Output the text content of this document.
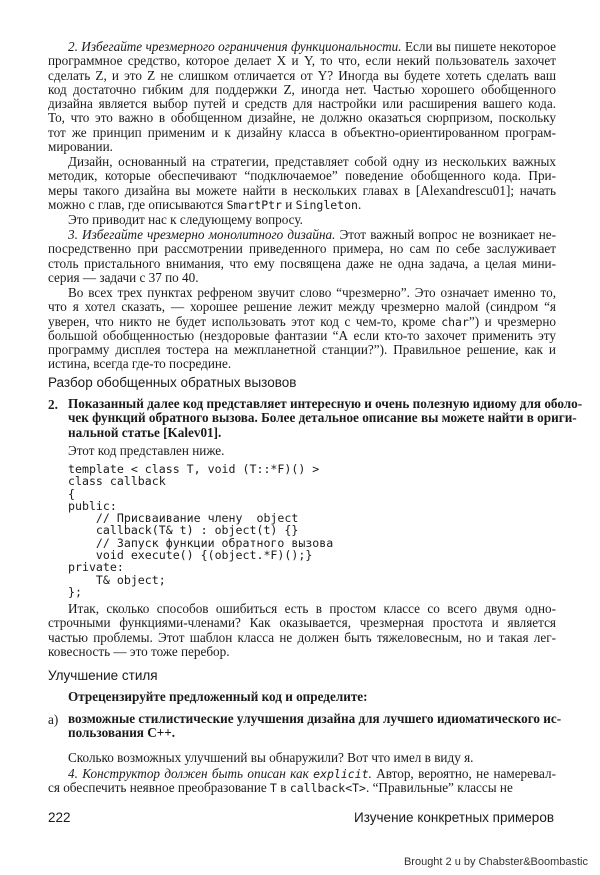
2. Избегайте чрезмерного ограничения функциональности. Если вы пишете некоторое
программное средство, которое делает X и Y, то что, если некий пользователь захочет
сделать Z, и это Z не слишком отличается от Y? Иногда вы будете хотеть сделать ваш
код достаточно гибким для поддержки Z, иногда нет. Частью хорошего обобщенного
дизайна является выбор путей и средств для настройки или расширения вашего кода.
То, что это важно в обобщенном дизайне, не должно оказаться сюрпризом, поскольку
тот же принцип применим и к дизайну класса в объектно-ориентированном програм-
мировании.
Дизайн, основанный на стратегии, представляет собой одну из нескольких важных
методик, которые обеспечивают “подключаемое” поведение обобщенного кода. При-
меры такого дизайна вы можете найти в нескольких главах в [Alexandrescu01]; начать
можно с глав, где описываются SmartPtr и Singleton.
Это приводит нас к следующему вопросу.
3. Избегайте чрезмерно монолитного дизайна. Этот важный вопрос не возникает не-
посредственно при рассмотрении приведенного примера, но сам по себе заслуживает
столь пристального внимания, что ему посвящена даже не одна задача, а целая мини-
серия — задачи с 37 по 40.
Во всех трех пунктах рефреном звучит слово “чрезмерно”. Это означает именно то,
что я хотел сказать, — хорошее решение лежит между чрезмерно малой (синдром “я
уверен, что никто не будет использовать этот код с чем-то, кроме char”) и чрезмерно
большой обобщенностью (нездоровые фантазии “А если кто-то захочет применить эту
программу дисплея тостера на межпланетной станции?”). Правильное решение, как и
истина, всегда где-то посредине.
Разбор обобщенных обратных вызовов
2. Показанный далее код представляет интересную и очень полезную идиому для оболо-
чек функций обратного вызова. Более детальное описание вы можете найти в ориги-
нальной статье [Kalev01].
Этот код представлен ниже.
template < class T, void (T::*F)() >
class callback
{
public:
// Присваивание члену  object
callback(T& t) : object(t) {}
// Запуск функции обратного вызова
void execute() {(object.*F)();}
private:
T& object;
};
Итак, сколько способов ошибиться есть в простом классе со всего двумя одно-
строчными функциями-членами? Как оказывается, чрезмерная простота и является
частью проблемы. Этот шаблон класса не должен быть тяжеловесным, но и такая лег-
ковесность — это тоже перебор.
Улучшение стиля
Отрецензируйте предложенный код и определите:
а) возможные стилистические улучшения дизайна для лучшего идиоматического ис-
пользования C++.
Сколько возможных улучшений вы обнаружили? Вот что имел в виду я.
4. Конструктор должен быть описан как explicit. Автор, вероятно, не намеревал-
ся обеспечить неявное преобразование T в callback<T>. “Правильные” классы не
222	Изучение конкретных примеров
Brought 2 u by Chabster&Boombastic
